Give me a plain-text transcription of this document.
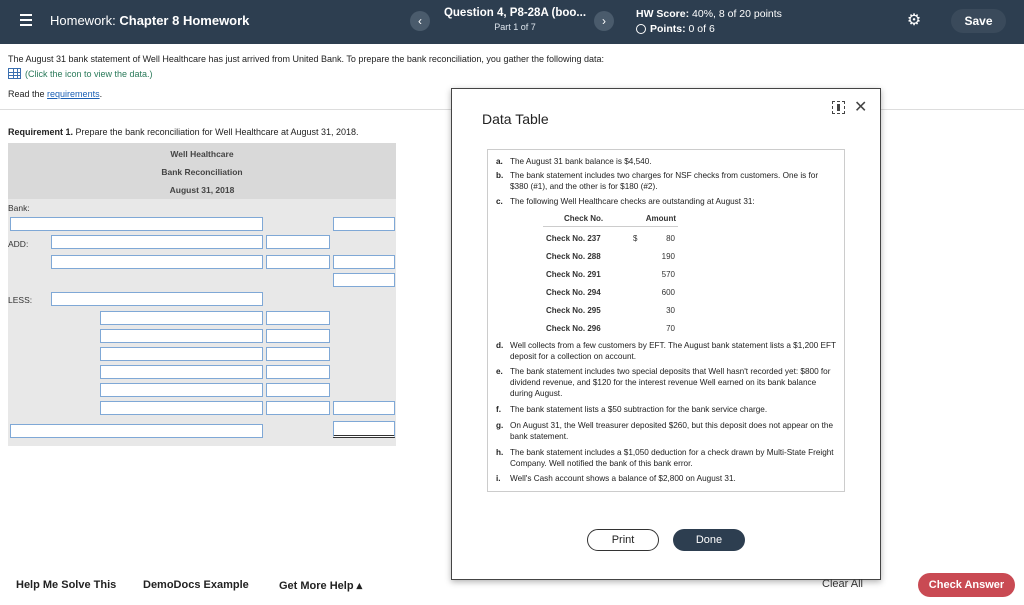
Homework: Chapter 8 Homework	‹
Question 4, P8-28A (boo...
Part 1 of 7	›	HW Score: 40%, 8 of 20 points
Points:
0 of 6	⚙	Save
The August 31 bank statement of Well Healthcare has just arrived from United Bank. To prepare the bank reconciliation, you gather the following data:
(Click the icon to view the data.)
Read the requirements.
Requirement 1. Prepare the bank reconciliation for Well Healthcare at August 31, 2018.
Well Healthcare
Bank Reconciliation
August 31, 2018
Bank:
ADD:
LESS:
Data Table
✕
a. The August 31 bank balance is $4,540.
b. The bank statement includes two charges for NSF checks from customers. One is for $380 (#1), and the other is for $180 (#2).
c. The following Well Healthcare checks are outstanding at August 31:
Check No.	Amount
Check No. 237	$	80
Check No. 288	190
Check No. 291	570
Check No. 294	600
Check No. 295	30
Check No. 296	70
d. Well collects from a few customers by EFT. The August bank statement lists a $1,200 EFT deposit for a collection on account.
e. The bank statement includes two special deposits that Well hasn't recorded yet: $800 for dividend revenue, and $120 for the interest revenue Well earned on its bank balance during August.
f.	The bank statement lists a $50 subtraction for the bank service charge.
g. On August 31, the Well treasurer deposited $260, but this deposit does not appear on the bank statement.
h. The bank statement includes a $1,050 deduction for a check drawn by Multi-State Freight Company. Well notified the bank of this bank error.
i.	Well's Cash account shows a balance of $2,800 on August 31.
Print	Done
Help Me Solve This DemoDocs Example	Get More Help ▴	Clear All	Check Answer
